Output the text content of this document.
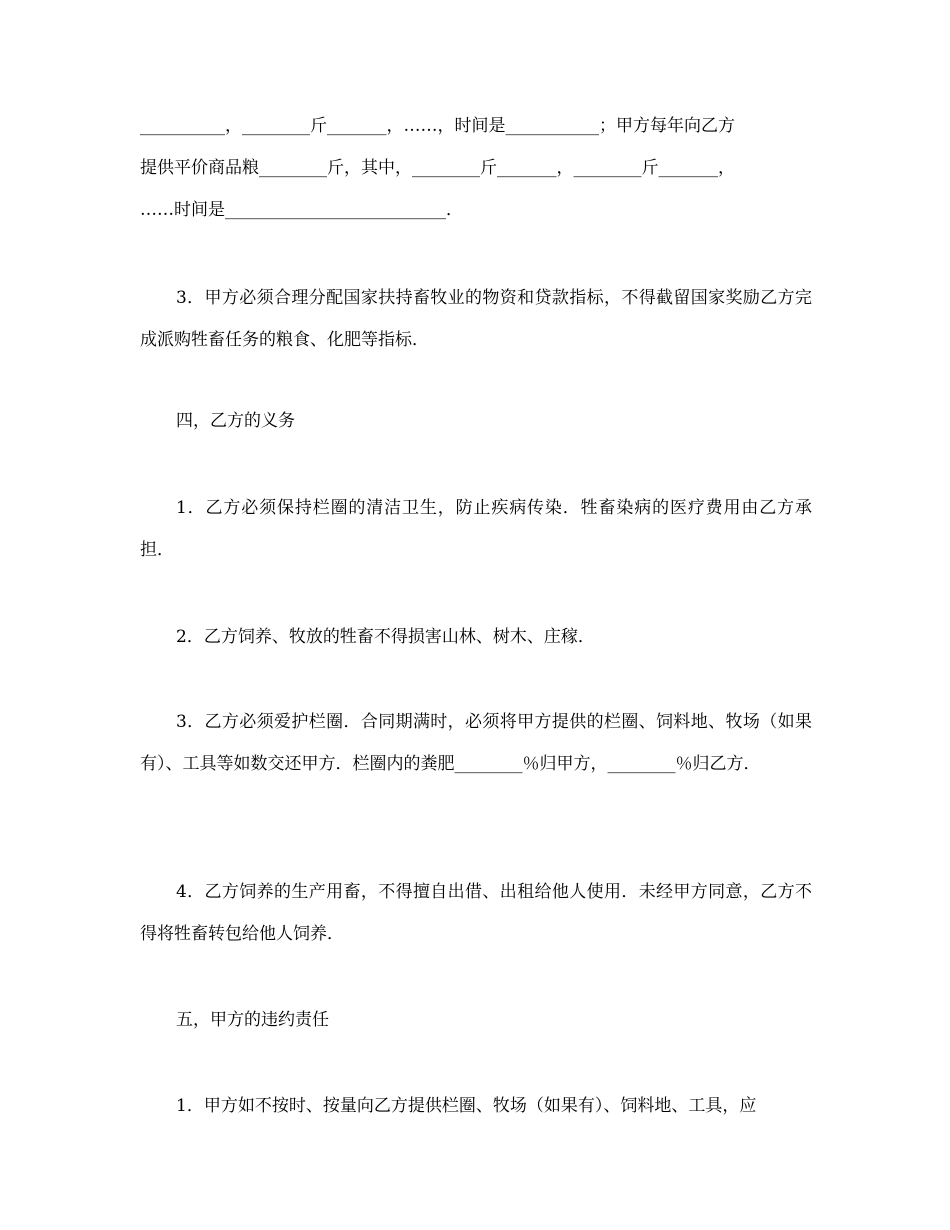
__________，________斤_______，……，时间是___________；甲方每年向乙方
提供平价商品粮________斤，其中，________斤_______，________斤_______，
……时间是__________________________．
3．甲方必须合理分配国家扶持畜牧业的物资和贷款指标，不得截留国家奖励乙方完成派购牲畜任务的粮食、化肥等指标．
四，乙方的义务
1．乙方必须保持栏圈的清洁卫生，防止疾病传染．牲畜染病的医疗费用由乙方承担．
2．乙方饲养、牧放的牲畜不得损害山林、树木、庄稼．
3．乙方必须爱护栏圈．合同期满时，必须将甲方提供的栏圈、饲料地、牧场（如果有）、工具等如数交还甲方．栏圈内的粪肥________％归甲方，________％归乙方．
4．乙方饲养的生产用畜，不得擅自出借、出租给他人使用．未经甲方同意，乙方不得将牲畜转包给他人饲养．
五，甲方的违约责任
1．甲方如不按时、按量向乙方提供栏圈、牧场（如果有）、饲料地、工具，应
